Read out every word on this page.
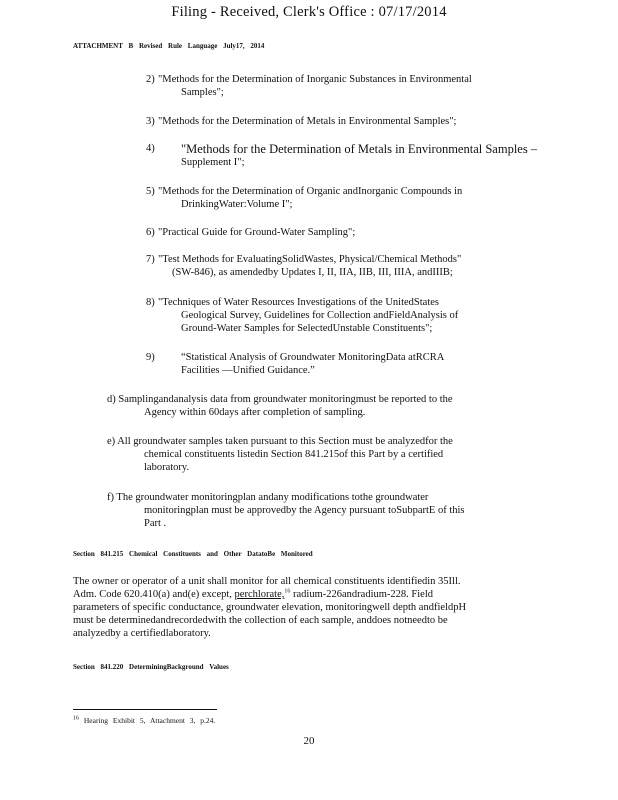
Filing - Received, Clerk's Office : 07/17/2014
ATTACHMENT B Revised Rule Language July17, 2014
2) "Methods for the Determination of Inorganic Substances in Environmental
Samples";
3) "Methods for the Determination of Metals in Environmental Samples";
4)	"Methods for the Determination of Metals in Environmental Samples –
Supplement I";
5) "Methods for the Determination of Organic andInorganic Compounds in
DrinkingWater:Volume I";
6) "Practical Guide for Ground-Water Sampling";
7) "Test Methods for EvaluatingSolidWastes, Physical/Chemical Methods"
(SW-846), as amendedby Updates I, II, IIA, IIB, III, IIIA, andIIIB;
8) "Techniques of Water Resources Investigations of the UnitedStates
Geological Survey, Guidelines for Collection andFieldAnalysis of
Ground-Water Samples for SelectedUnstable Constituents";
9)	“Statistical Analysis of Groundwater MonitoringData atRCRA
Facilities —Unified Guidance.”
d) Samplingandanalysis data from groundwater monitoringmust be reported to the
Agency within 60days after completion of sampling.
e) All groundwater samples taken pursuant to this Section must be analyzedfor the
chemical constituents listedin Section 841.215of this Part by a certified
laboratory.
f) The groundwater monitoringplan andany modifications tothe groundwater
monitoringplan must be approvedby the Agency pursuant toSubpartE of this
Part .
Section 841.215 Chemical Constituents and Other DatatoBe Monitored
The owner or operator of a unit shall monitor for all chemical constituents identifiedin 35Ill.
Adm. Code 620.410(a) and(e) except, perchlorate,$^{16}$ radium-226andradium-228. Field
parameters of specific conductance, groundwater elevation, monitoringwell depth andfieldpH
must be determinedandrecordedwith the collection of each sample, anddoes notneedto be
analyzedby a certifiedlaboratory.
Section 841.220 DeterminingBackground Values
$^{16}$ Hearing Exhibit 5, Attachment 3, p.24.
20
